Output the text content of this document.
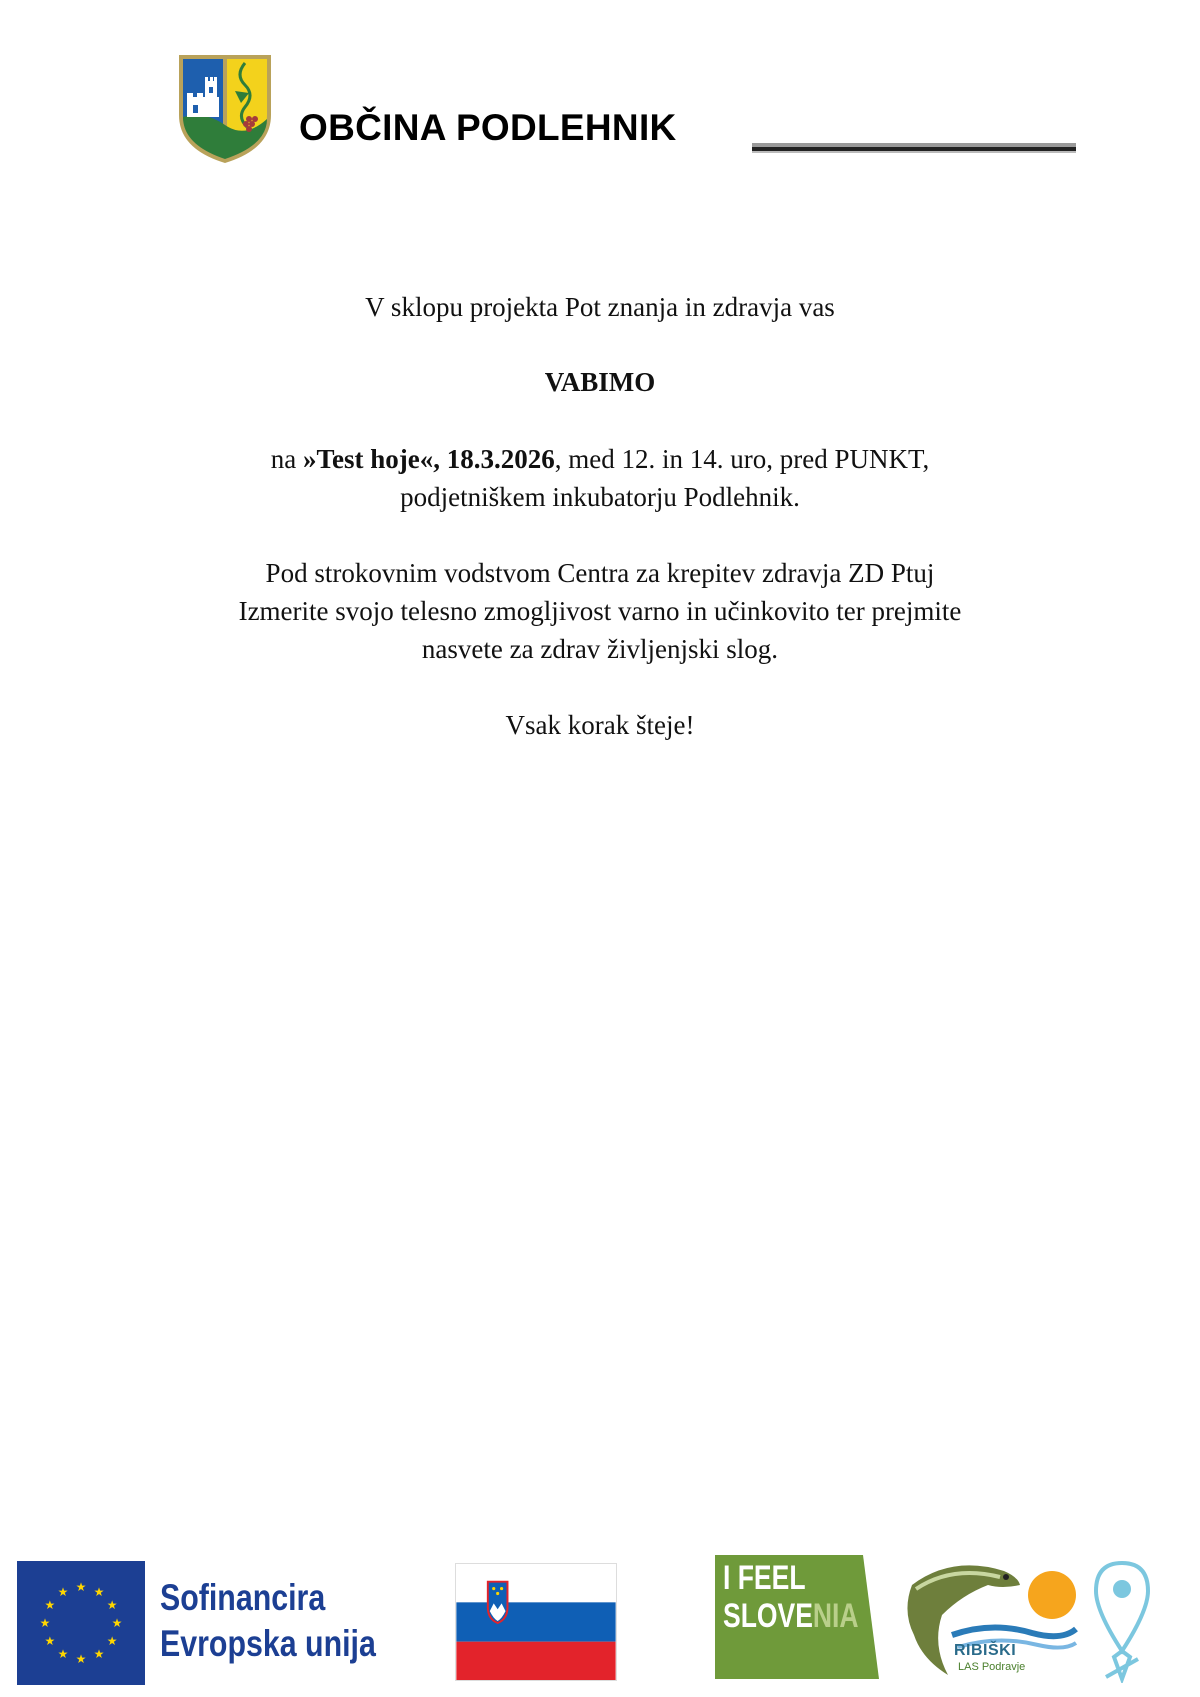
OBČINA PODLEHNIK

V sklopu projekta Pot znanja in zdravja vas

VABIMO

na »Test hoje«, 18.3.2026, med 12. in 14. uro, pred PUNKT,
podjetniškem inkubatorju Podlehnik.

Pod strokovnim vodstvom Centra za krepitev zdravja ZD Ptuj
Izmerite svojo telesno zmogljivost varno in učinkovito ter prejmite
nasvete za zdrav življenjski slog.

Vsak korak šteje!

★ ★
★
★
★
★
★
★
★
★
★
★ Sofinancira
Evropska unija
I FEEL
SLOVENIA
RIBIŠKI
LAS Podravje
